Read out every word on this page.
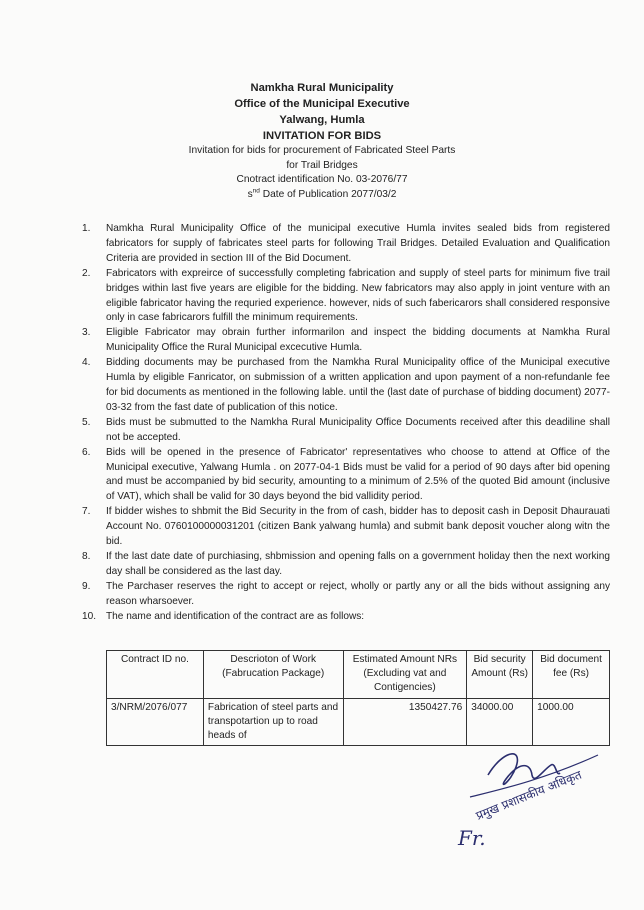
Namkha Rural Municipality
Office of the Municipal Executive
Yalwang, Humla
INVITATION FOR BIDS
Invitation for bids for procurement of Fabricated Steel Parts
for Trail Bridges
Cnotract identification No. 03-2076/77
$s^{nd}$ Date of Publication 2077/03/2
1. Namkha Rural Municipality Office of the municipal executive Humla invites sealed bids from registered fabricators for supply of fabricates steel parts for following Trail Bridges. Detailed Evaluation and Qualification Criteria are provided in section III of the Bid Document.
2. Fabricators with expreirce of successfully completing fabrication and supply of steel parts for minimum five trail bridges within last five years are eligible for the bidding. New fabricators may also apply in joint venture with an eligible fabricator having the requried experience. however, nids of such fabericarors shall considered responsive only in case fabricarors fulfill the minimum requirements.
3. Eligible Fabricator may obrain further informarilon and inspect the bidding documents at Namkha Rural Municipality Office the Rural Municipal excecutive Humla.
4. Bidding documents may be purchased from the Namkha Rural Municipality office of the Municipal executive Humla by eligible Fanricator, on submission of a written application and upon payment of a non-refundanle fee for bid documents as mentioned in the following lable. until the (last date of purchase of bidding document) 2077-03-32 from the fast date of publication of this notice.
5. Bids must be submutted to the Namkha Rural Municipality Office Documents received after this deadiline shall not be accepted.
6. Bids will be opened in the presence of Fabricator' representatives who choose to attend at Office of the Municipal executive, Yalwang Humla . on 2077-04-1 Bids must be valid for a period of 90 days after bid opening and must be accompanied by bid security, amounting to a minimum of 2.5% of the quoted Bid amount (inclusive of VAT), which shall be valid for 30 days beyond the bid vallidity period.
7. If bidder wishes to shbmit the Bid Security in the from of cash, bidder has to deposit cash in Deposit Dhaurauati Account No. 0760100000031201 (citizen Bank yalwang humla) and submit bank deposit voucher along witn the bid.
8. If the last date date of purchiasing, shbmission and opening falls on a government holiday then the next working day shall be considered as the last day.
9. The Parchaser reserves the right to accept or reject, wholly or partly any or all the bids without assigning any reason wharsoever.
10. The name and identification of the contract are as follows:
Contract ID no.	Descrioton of Work (Fabrucation Package)	Estimated Amount NRs (Excluding vat and Contigencies)	Bid security Amount (Rs)	Bid document fee (Rs)
3/NRM/2076/077	Fabrication of steel parts and transpotartion up to road heads of	1350427.76	34000.00	1000.00
प्रमुख प्रशासकीय अधिकृत
Fr.
